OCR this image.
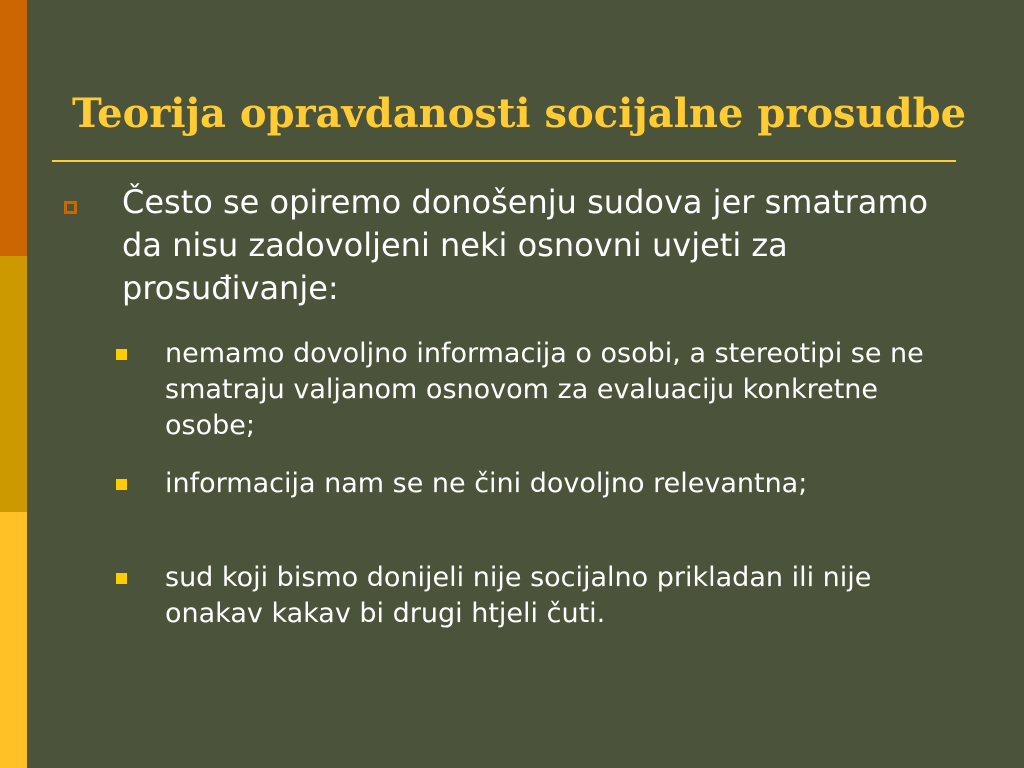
Teorija opravdanosti socijalne prosudbe
Često se opiremo donošenju sudova jer smatramo da nisu zadovoljeni neki osnovni uvjeti za prosuđivanje:
nemamo dovoljno informacija o osobi, a stereotipi se ne smatraju valjanom osnovom za evaluaciju konkretne osobe;
informacija nam se ne čini dovoljno relevantna;
sud koji bismo donijeli nije socijalno prikladan ili nije onakav kakav bi drugi htjeli čuti.
